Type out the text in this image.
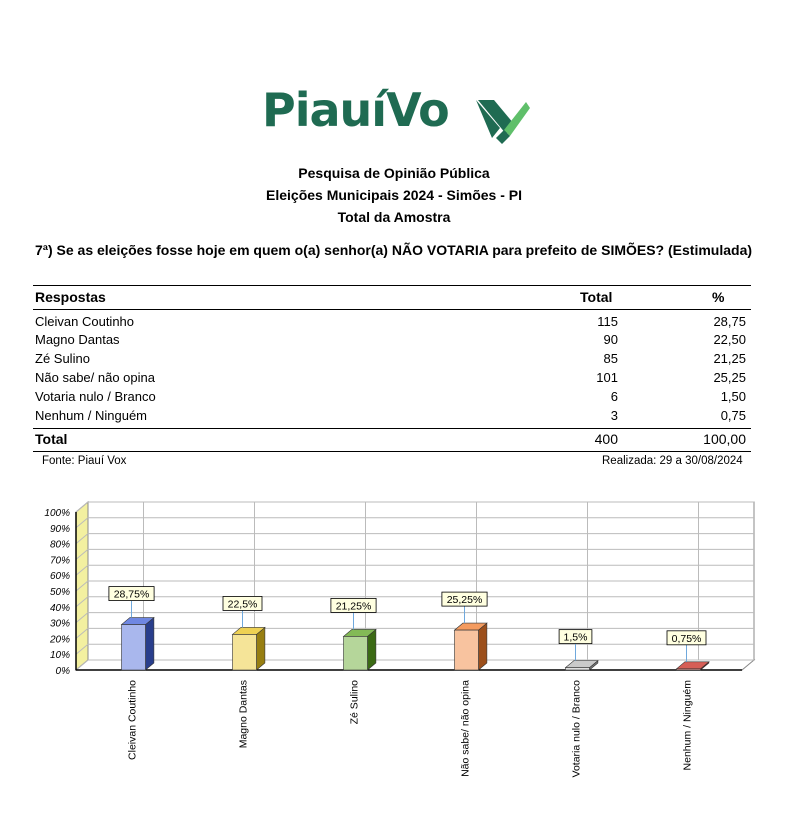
PiauíVo
Pesquisa de Opinião Pública
Eleições Municipais 2024 - Simões - PI
Total da Amostra
7ª) Se as eleições fosse hoje em quem o(a) senhor(a) NÃO VOTARIA para prefeito de SIMÕES? (Estimulada)
Respostas	Total	%
Cleivan Coutinho	115	28,75
Magno Dantas	90	22,50
Zé Sulino	85	21,25
Não sabe/ não opina	101	25,25
Votaria nulo / Branco	6	1,50
Nenhum / Ninguém	3	0,75
Total	400	100,00
Fonte: Piauí Vox	Realizada: 29 a 30/08/2024
0%
10%
20%
30%
40%
50%
60%
70%
80%
90%
100%
28,75%
Cleivan Coutinho
22,5%
Magno Dantas
21,25%
Zé Sulino
25,25%
Não sabe/ não opina
1,5%
Votaria nulo / Branco
0,75%
Nenhum / Ninguém
